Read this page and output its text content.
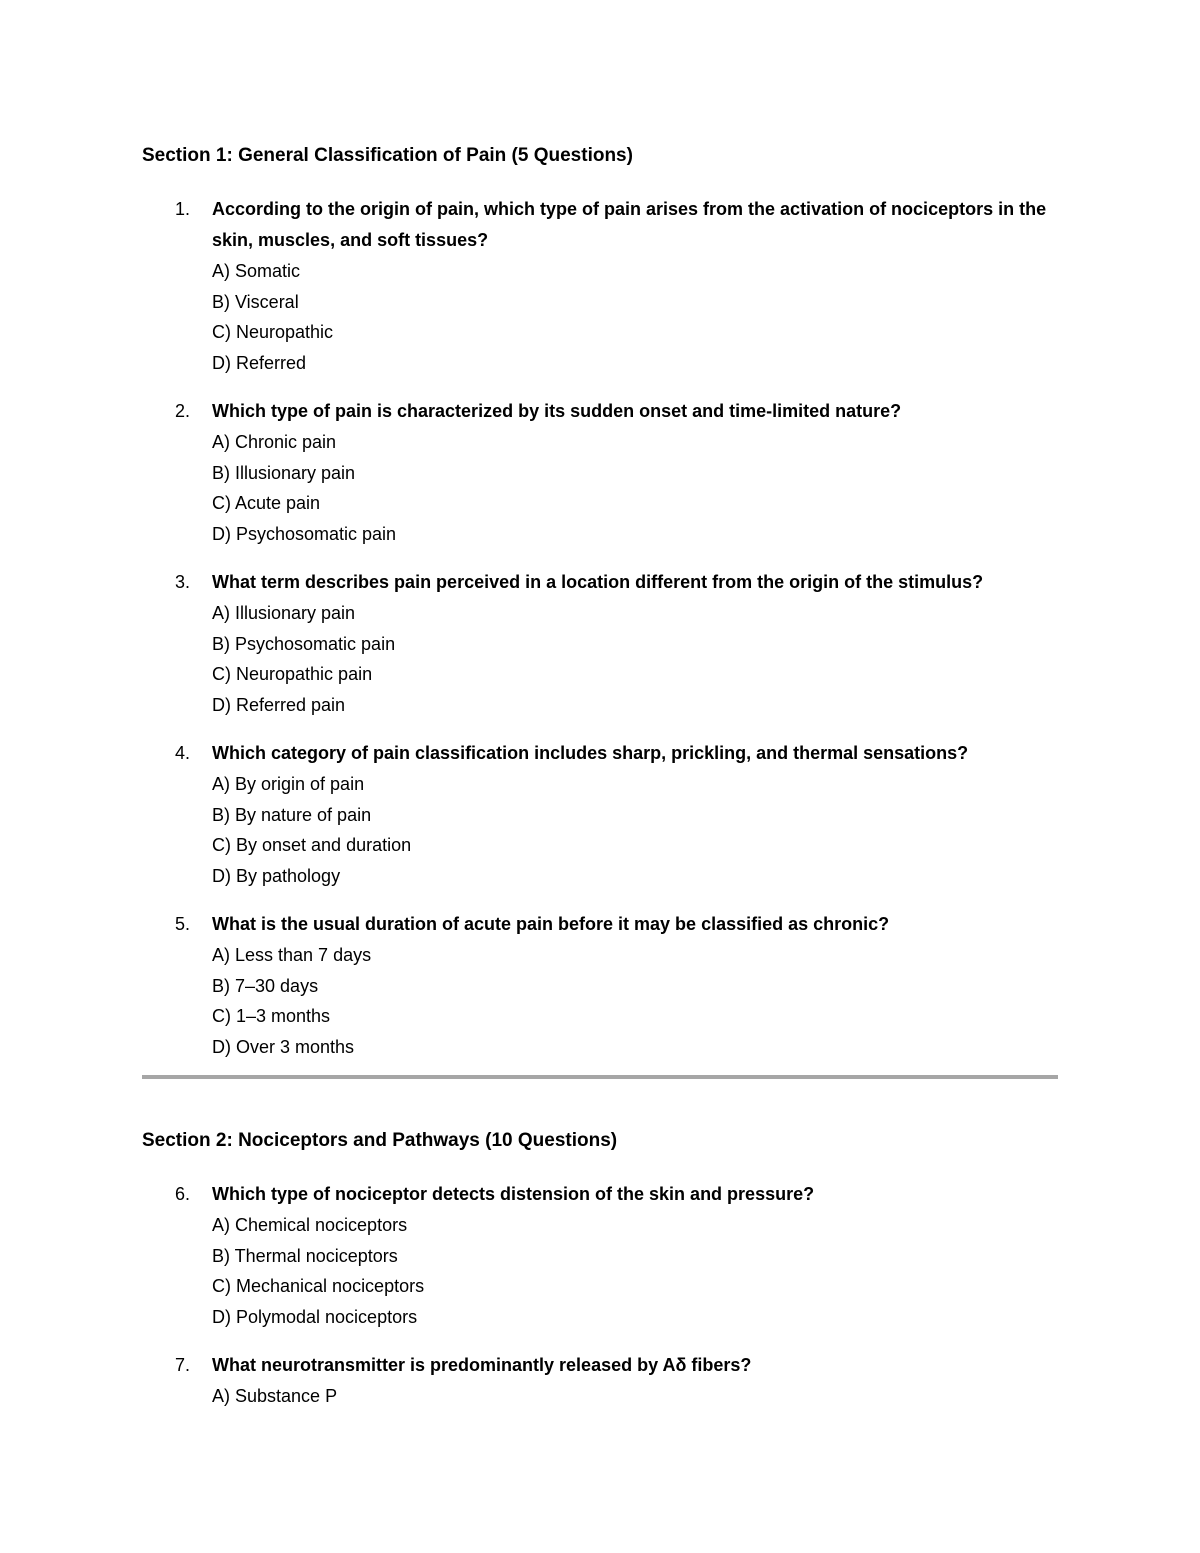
Section 1: General Classification of Pain (5 Questions)
1. According to the origin of pain, which type of pain arises from the activation of nociceptors in the skin, muscles, and soft tissues?

A) Somatic
B) Visceral
C) Neuropathic
D) Referred
2. Which type of pain is characterized by its sudden onset and time-limited nature?

A) Chronic pain
B) Illusionary pain
C) Acute pain
D) Psychosomatic pain
3. What term describes pain perceived in a location different from the origin of the stimulus?

A) Illusionary pain
B) Psychosomatic pain
C) Neuropathic pain
D) Referred pain
4. Which category of pain classification includes sharp, prickling, and thermal sensations?

A) By origin of pain
B) By nature of pain
C) By onset and duration
D) By pathology
5. What is the usual duration of acute pain before it may be classified as chronic?

A) Less than 7 days
B) 7–30 days
C) 1–3 months
D) Over 3 months
Section 2: Nociceptors and Pathways (10 Questions)
6. Which type of nociceptor detects distension of the skin and pressure?

A) Chemical nociceptors
B) Thermal nociceptors
C) Mechanical nociceptors
D) Polymodal nociceptors
7. What neurotransmitter is predominantly released by Aδ fibers?

A) Substance P
